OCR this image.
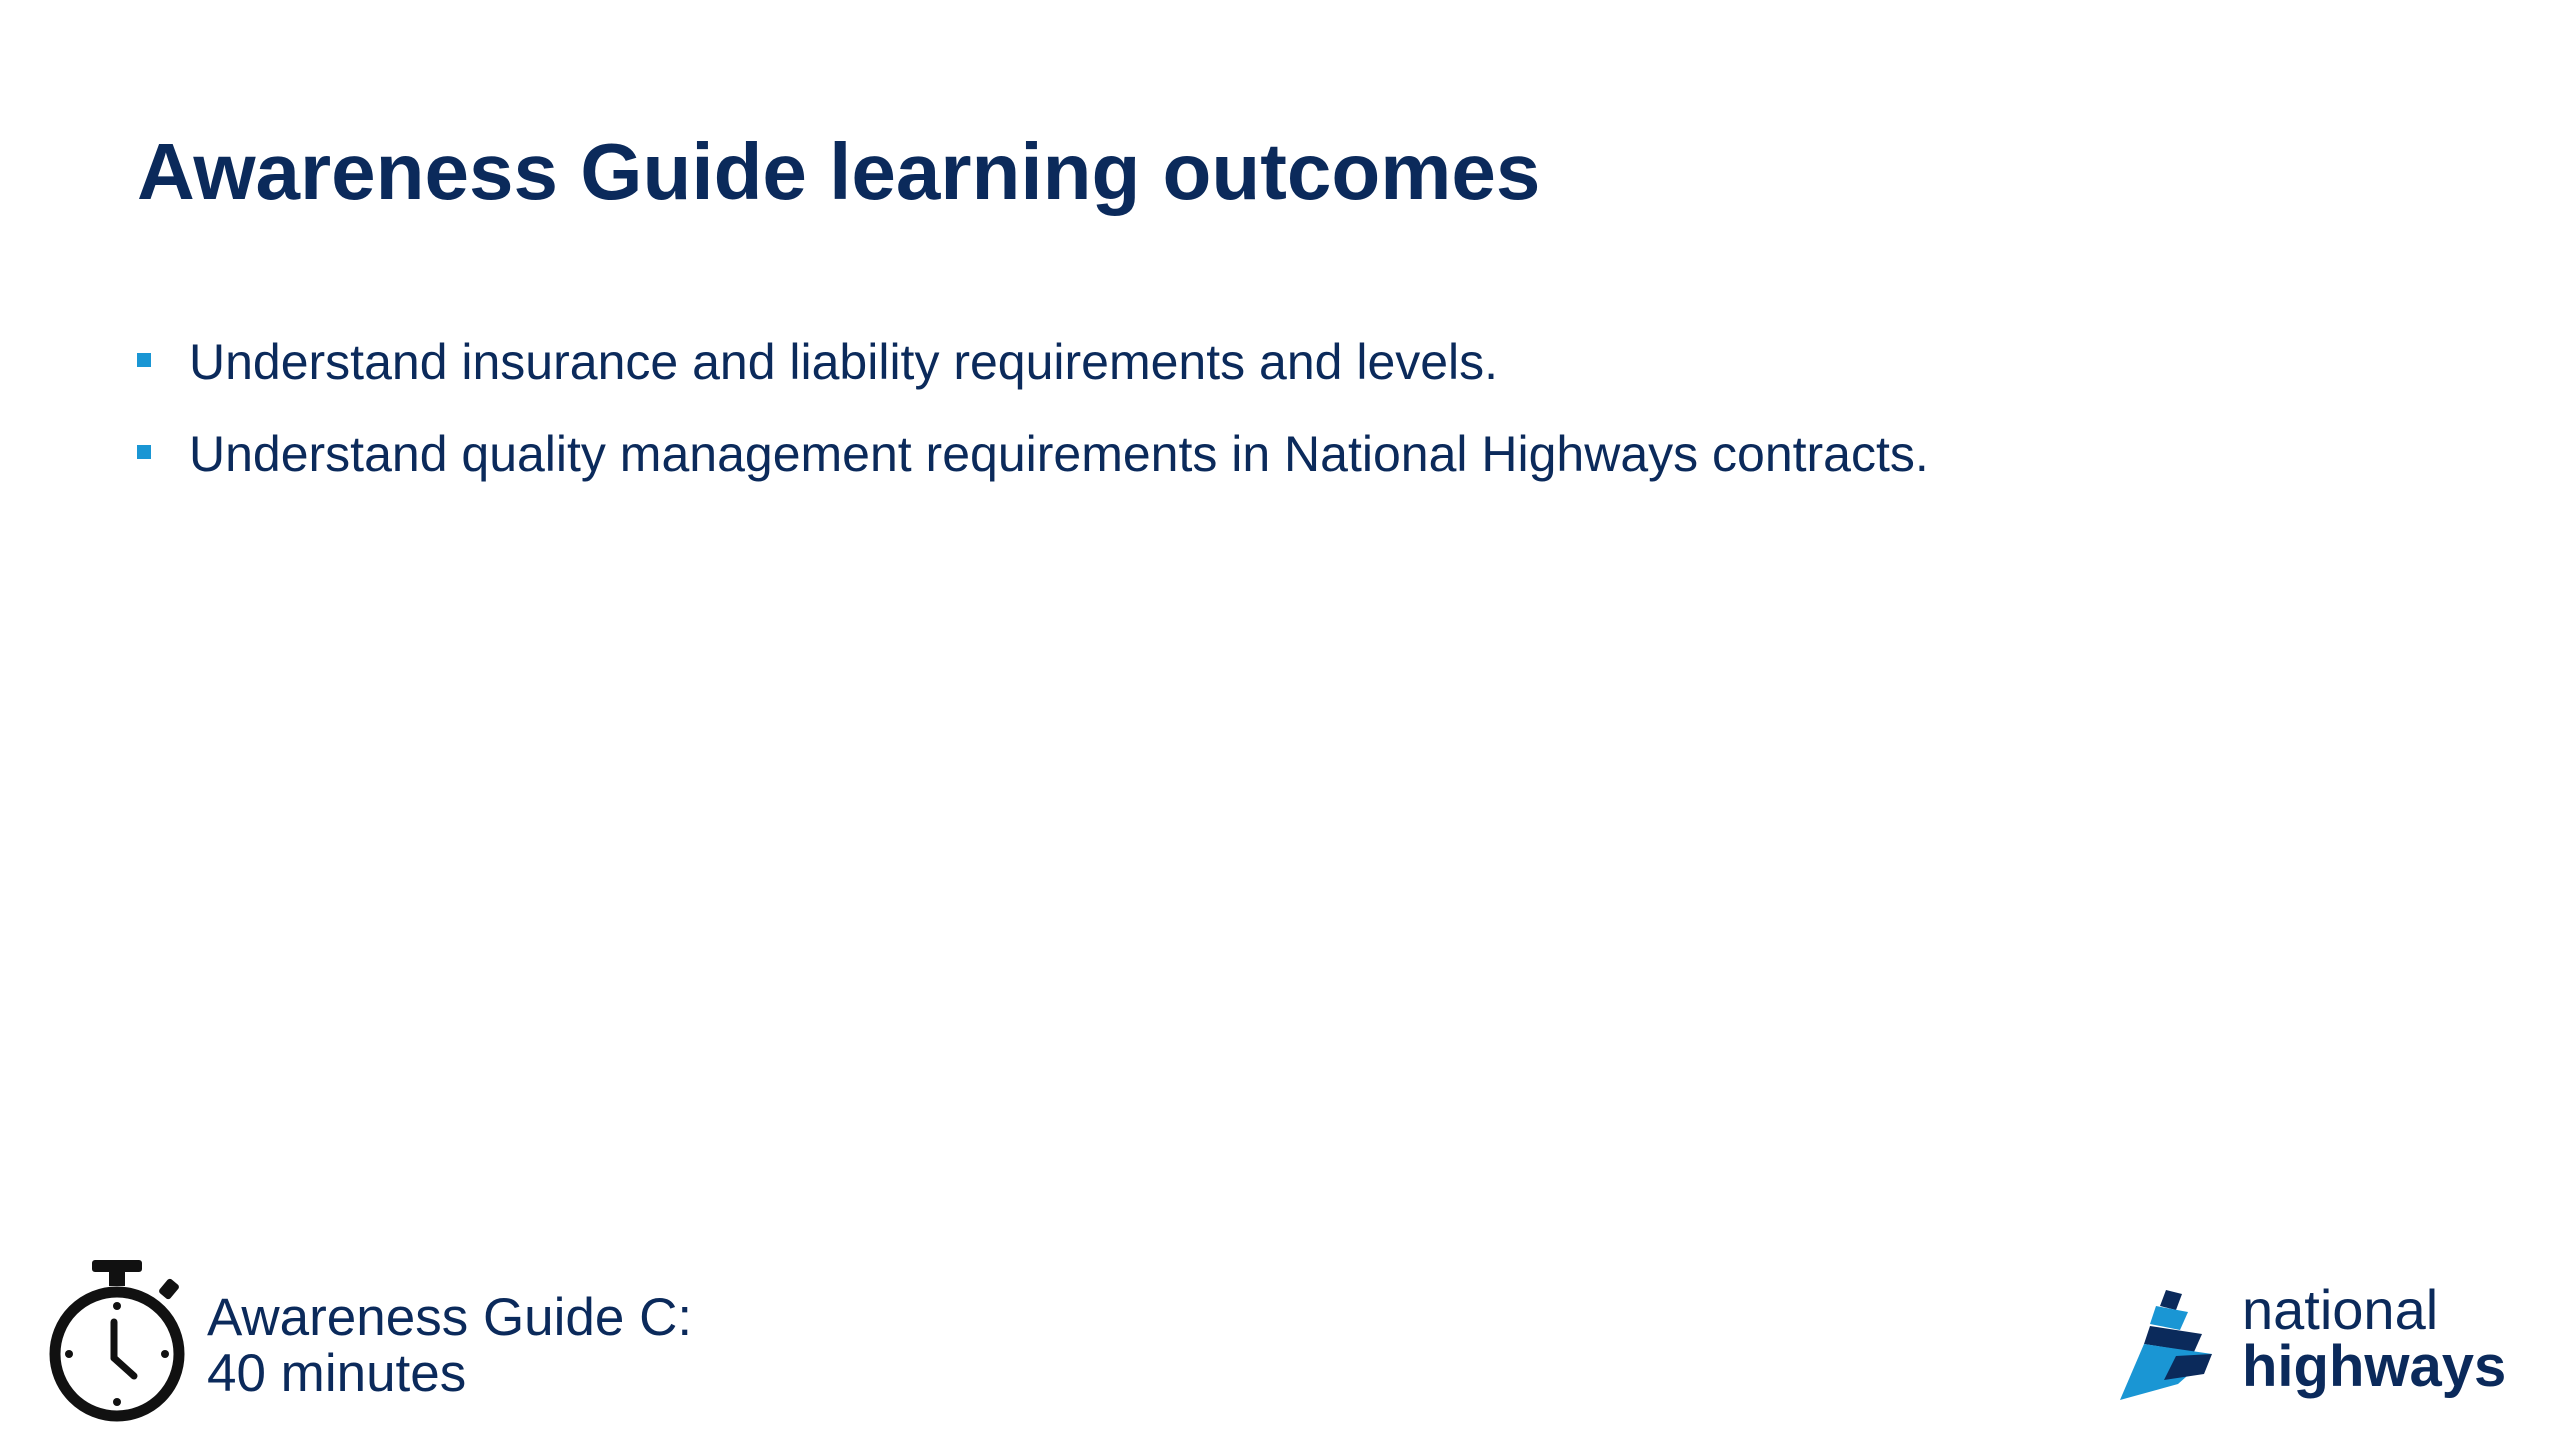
Awareness Guide learning outcomes
Understand insurance and liability requirements and levels.
Understand quality management requirements in National Highways contracts.
Awareness Guide C:
40 minutes
national
highways
